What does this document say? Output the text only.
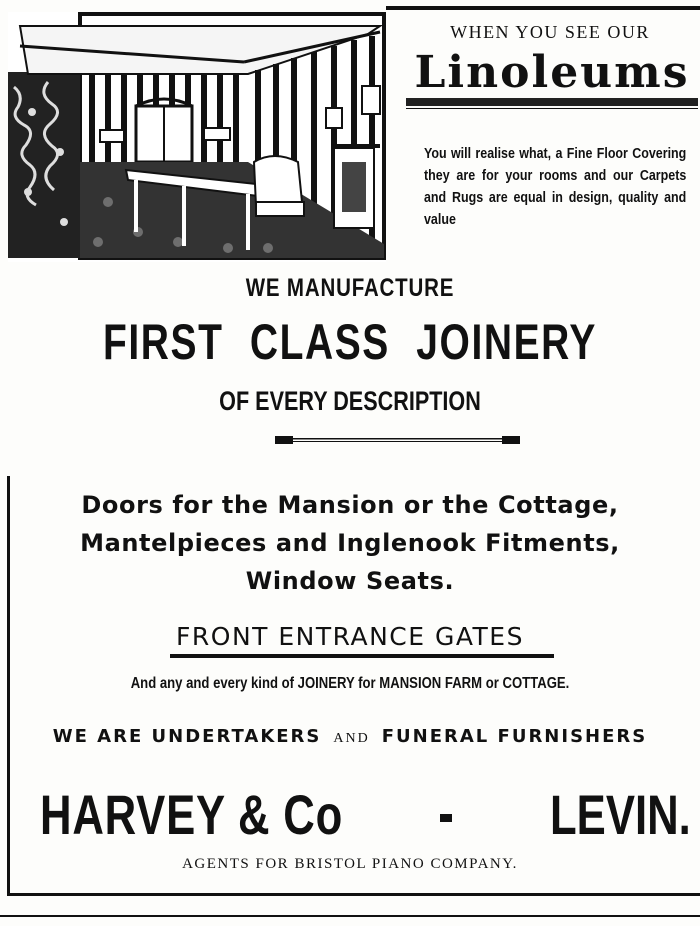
WHEN YOU SEE OUR
Linoleums
You will realise what, a Fine Floor Covering they are for your rooms and our Carpets and Rugs are equal in design, quality and value
WE MANUFACTURE
FIRST CLASS JOINERY
OF EVERY DESCRIPTION
Doors for the Mansion or the Cottage,
Mantelpieces and Inglenook Fitments,
Window Seats.
FRONT ENTRANCE GATES
And any and every kind of JOINERY for MANSION FARM or COTTAGE.
WE ARE UNDERTAKERS AND FUNERAL FURNISHERS
HARVEY & Co	LEVIN.
AGENTS FOR BRISTOL PIANO COMPANY.
